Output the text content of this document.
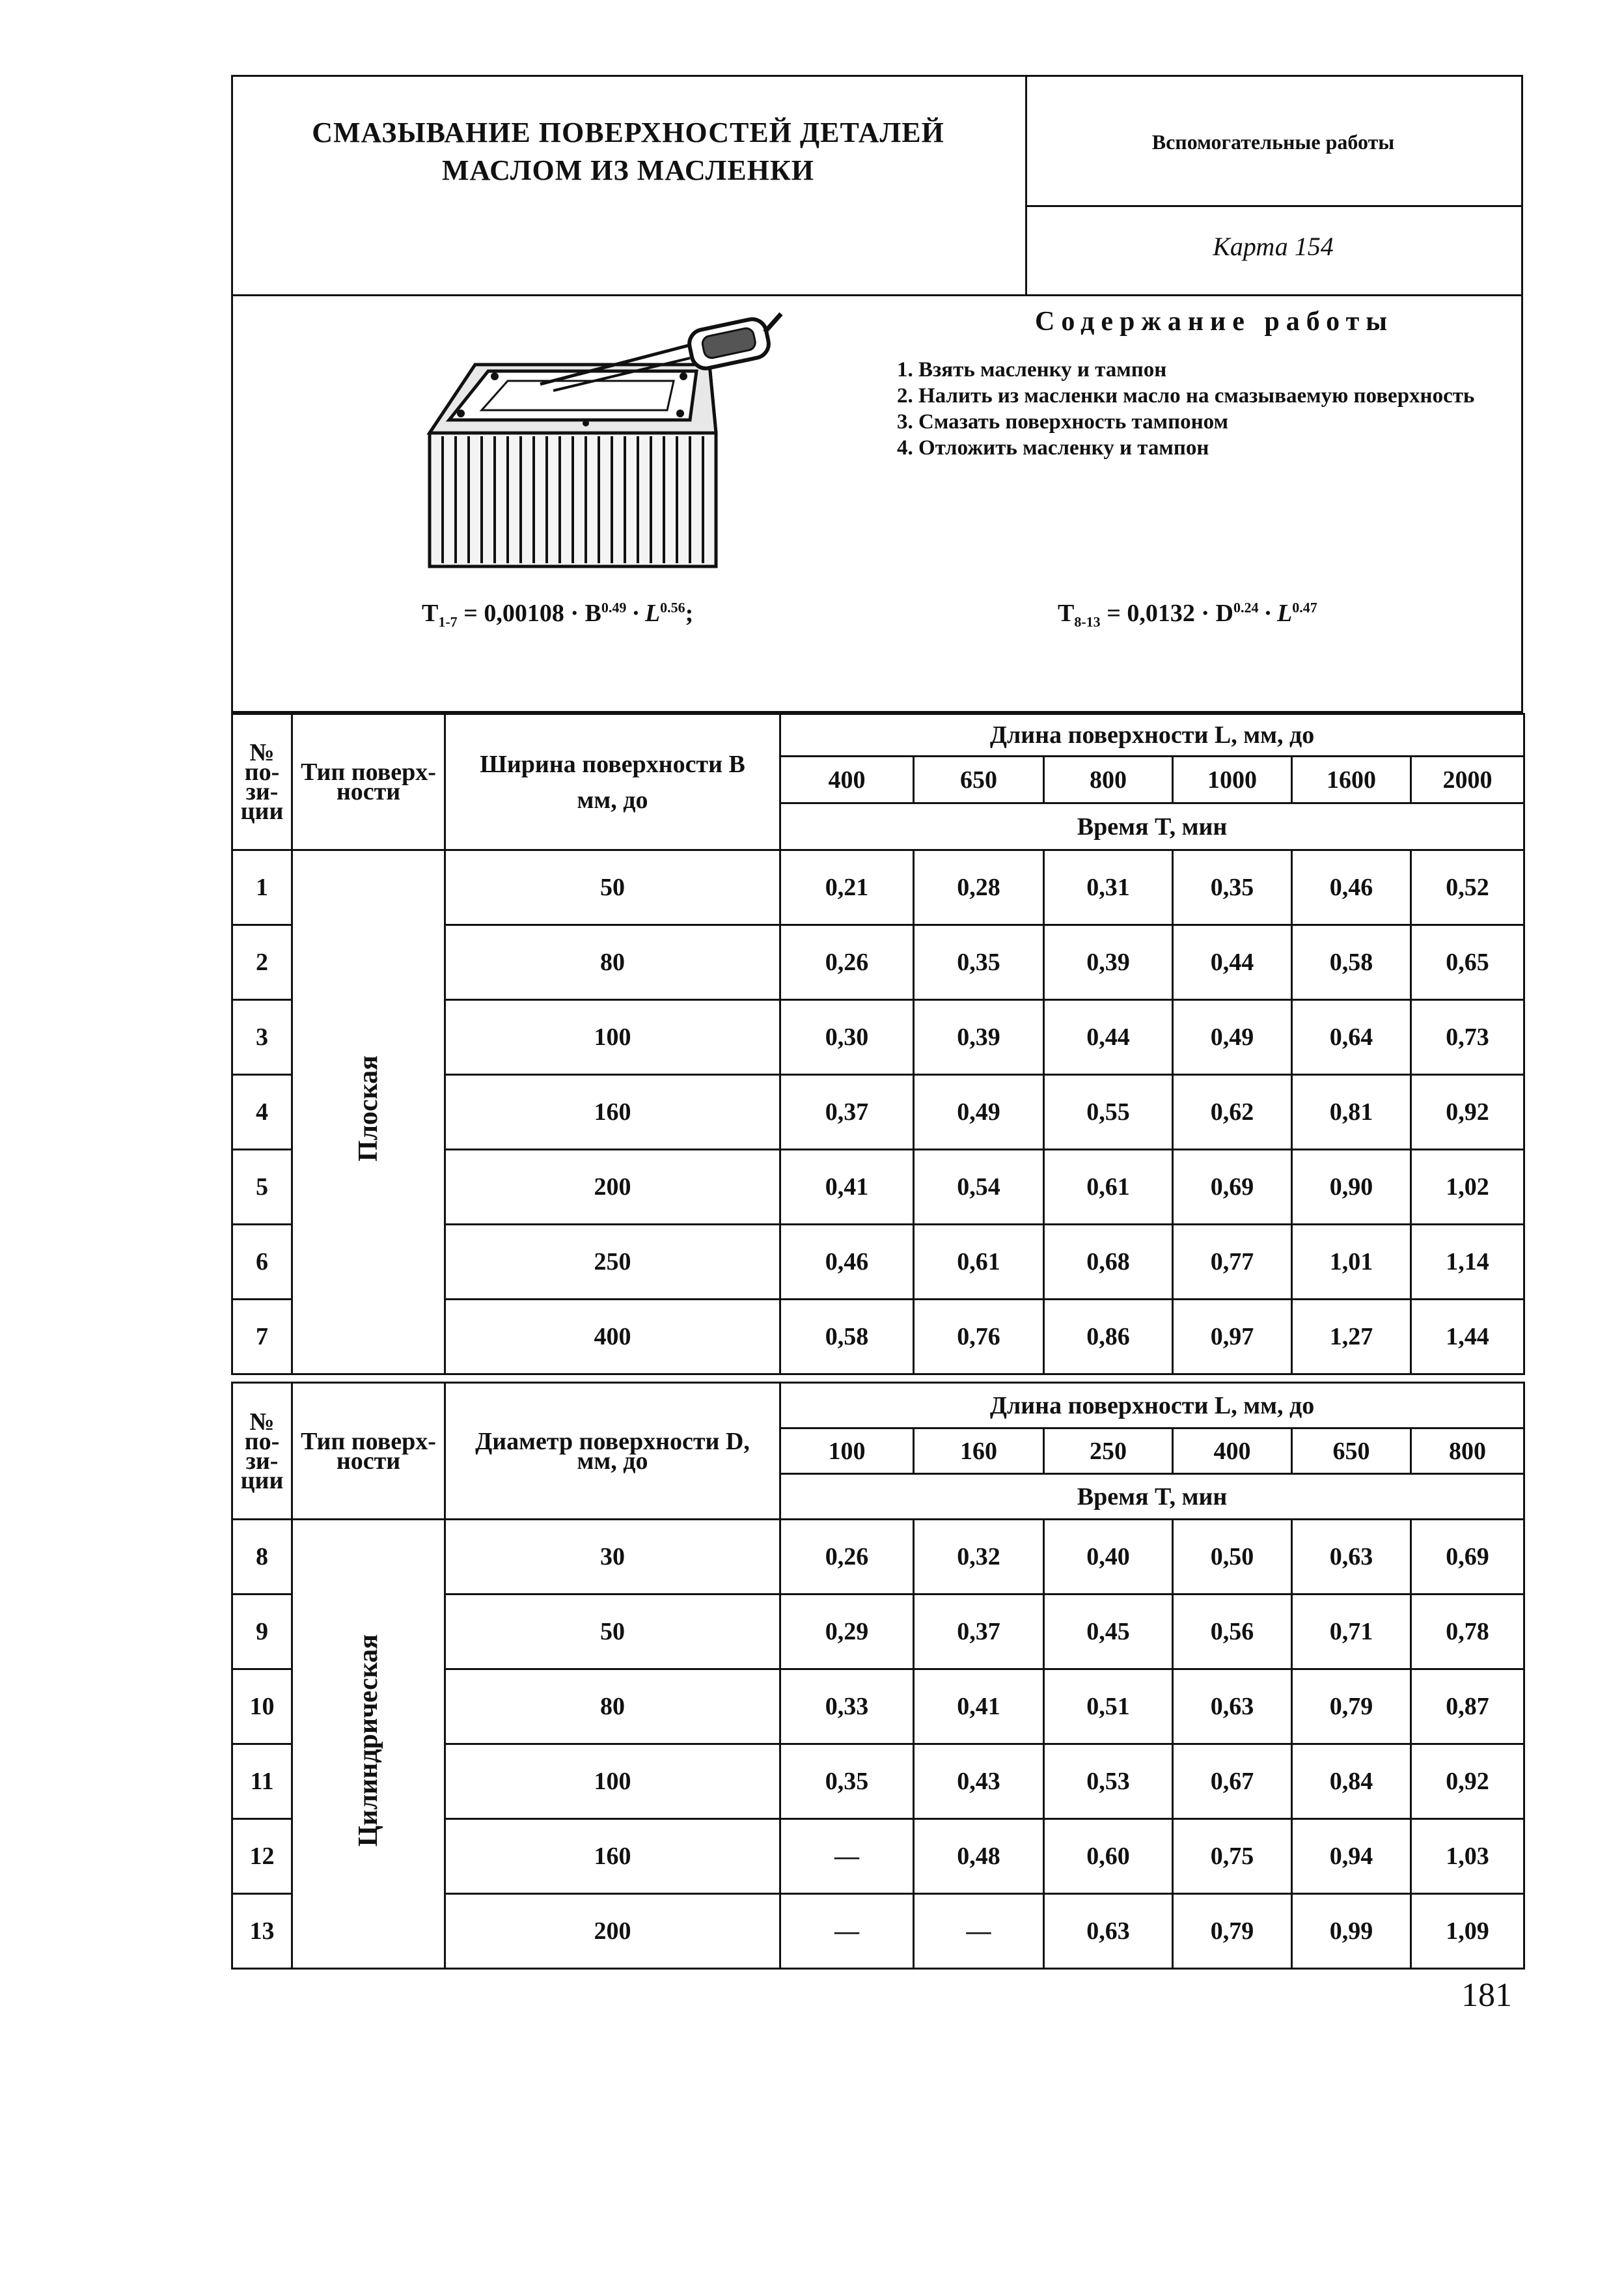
СМАЗЫВАНИЕ ПОВЕРХНОСТЕЙ ДЕТАЛЕЙ
МАСЛОМ ИЗ МАСЛЕНКИ
Вспомогательные работы
Карта 154
Содержание работы
1. Взять масленку и тампон
2. Налить из масленки масло на смазываемую поверхность
3. Смазать поверхность тампоном
4. Отложить масленку и тампон
$T_{1-7} = 0,00108 \cdot B^{0.49} \cdot L^{0.56}$;	$T_{8-13} = 0,0132 \cdot D^{0.24} \cdot L^{0.47}$
№ по-зи-ции	Тип поверх-ности	Ширина поверхности B
мм, до	Длина поверхности L, мм, до					
			400	650	800	1000	1600	2000
			Время T, мин					
1	Плоская	50	0,21	0,28	0,31	0,35	0,46	0,52
2		80	0,26	0,35	0,39	0,44	0,58	0,65
3		100	0,30	0,39	0,44	0,49	0,64	0,73
4		160	0,37	0,49	0,55	0,62	0,81	0,92
5		200	0,41	0,54	0,61	0,69	0,90	1,02
6		250	0,46	0,61	0,68	0,77	1,01	1,14
7		400	0,58	0,76	0,86	0,97	1,27	1,44
№ по-зи-ции	Тип поверх-ности	Диаметр поверхности D,
мм, до	Длина поверхности L, мм, до					
			100	160	250	400	650	800
			Время T, мин					
8	Цилиндрическая	30	0,26	0,32	0,40	0,50	0,63	0,69
9		50	0,29	0,37	0,45	0,56	0,71	0,78
10		80	0,33	0,41	0,51	0,63	0,79	0,87
11		100	0,35	0,43	0,53	0,67	0,84	0,92
12		160	—	0,48	0,60	0,75	0,94	1,03
13		200	—	—	0,63	0,79	0,99	1,09
181
